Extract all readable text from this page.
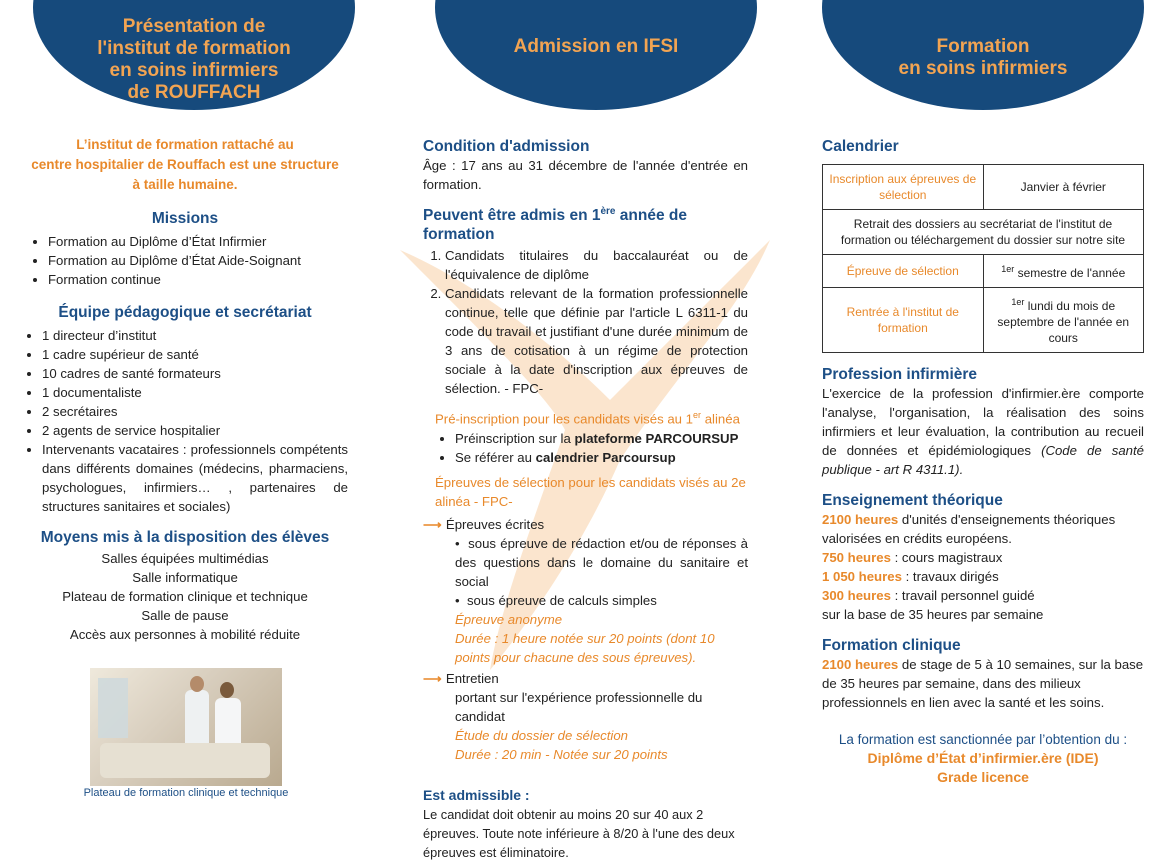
Présentation de
l'institut de formation
en soins infirmiers
de ROUFFACH
Admission en IFSI	Formation
en soins infirmiers
L’institut de formation rattaché au
centre hospitalier de Rouffach est une structure
à taille humaine.
Missions
• Formation au Diplôme d’État Infirmier
• Formation au Diplôme d’État Aide-Soignant
• Formation continue
Équipe pédagogique et secrétariat
• 1 directeur d’institut
• 1 cadre supérieur de santé
• 10 cadres de santé formateurs
• 1 documentaliste
• 2 secrétaires
• 2 agents de service hospitalier
• Intervenants vacataires : professionnels compétents dans différents domaines (médecins, pharmaciens, psychologues, infirmiers… , partenaires de structures sanitaires et sociales)
Moyens mis à la disposition des élèves
Salles équipées multimédias
Salle informatique
Plateau de formation clinique et technique
Salle de pause
Accès aux personnes à mobilité réduite
Plateau de formation clinique et technique
Condition d'admission
Âge : 17 ans au 31 décembre de l'année d'entrée en formation.
Peuvent être admis en 1ère année de formation
1. Candidats titulaires du baccalauréat ou de l'équivalence de diplôme
2. Candidats relevant de la formation professionnelle continue, telle que définie par l'article L 6311-1 du code du travail et justifiant d'une durée minimum de 3 ans de cotisation à un régime de protection sociale à la date d'inscription aux épreuves de sélection. - FPC-
Pré-inscription pour les candidats visés au 1er alinéa
• Préinscription sur la plateforme PARCOURSUP
• Se référer au calendrier Parcoursup
Épreuves de sélection pour les candidats visés au 2e alinéa - FPC-
⟶ Épreuves écrites
•  sous épreuve de rédaction et/ou de réponses à des questions dans le domaine du sanitaire et social
•  sous épreuve de calculs simples
Épreuve anonyme
Durée : 1 heure notée sur 20 points (dont 10 points pour chacune des sous épreuves).
⟶ Entretien
portant sur l'expérience professionnelle du candidat
Étude du dossier de sélection
Durée : 20 min - Notée sur 20 points
Est admissible :
Le candidat doit obtenir au moins 20 sur 40 aux 2 épreuves. Toute note inférieure à 8/20 à l'une des deux épreuves est éliminatoire.
Calendrier
Inscription aux épreuves de sélection	Janvier à février
Retrait des dossiers au secrétariat de l'institut de formation ou téléchargement du dossier sur notre site	
Épreuve de sélection	$^{1er}$ semestre de l'année
Rentrée à l'institut de formation	$^{1er}$ lundi du mois de septembre de l'année en cours
Profession infirmière
L'exercice de la profession d'infirmier.ère comporte l'analyse, l'organisation, la réalisation des soins infirmiers et leur évaluation, la contribution au recueil de données et épidémiologiques (Code de santé publique - art R 4311.1).
Enseignement théorique
2100 heures d'unités d'enseignements théoriques valorisées en crédits européens.
750 heures : cours magistraux
1 050 heures : travaux dirigés
300 heures : travail personnel guidé
sur la base de 35 heures par semaine
Formation clinique
2100 heures de stage de 5 à 10 semaines, sur la base de 35 heures par semaine, dans des milieux professionnels en lien avec la santé et les soins.
La formation est sanctionnée par l’obtention du :
Diplôme d’État d’infirmier.ère (IDE)
Grade licence
